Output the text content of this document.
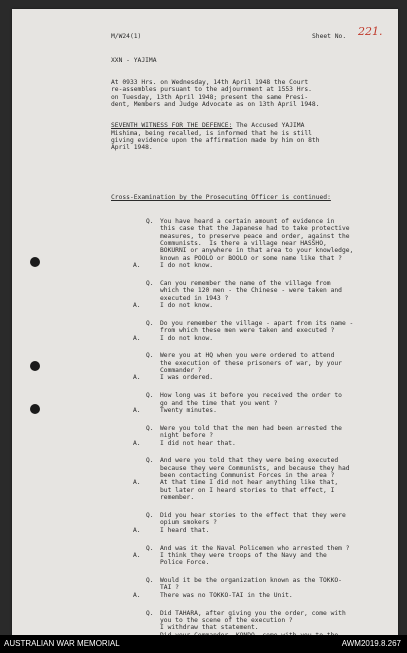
M/W24(1)	Sheet No. 221.
XXN - YAJIMA
At 0933 Hrs. on Wednesday, 14th April 1948 the Court
re-assembles pursuant to the adjournment at 1553 Hrs.
on Tuesday, 13th April 1948; present the same Presi-
dent, Members and Judge Advocate as on 13th April 1948.
SEVENTH WITNESS FOR THE DEFENCE: The Accused YAJIMA
Mishima, being recalled, is informed that he is still
giving evidence upon the affirmation made by him on 8th
April 1948.
Cross-Examination by the Prosecuting Officer is continued:
Q. You have heard a certain amount of evidence in
this case that the Japanese had to take protective
measures, to preserve peace and order, against the
Communists.  Is there a village near HASSHO,
BOKURNI or anywhere in that area to your knowledge,
known as POOLO or BOOLO or some name like that ?
A.	I do not know.
Q. Can you remember the name of the village from
which the 120 men - the Chinese - were taken and
executed in 1943 ?
A.	I do not know.
Q. Do you remember the village - apart from its name -
from which these men were taken and executed ?
A.	I do not know.
Q. Were you at HQ when you were ordered to attend
the execution of these prisoners of war, by your
Commander ?
A.	I was ordered.
Q. How long was it before you received the order to
go and the time that you went ?
A.	Twenty minutes.
Q. Were you told that the men had been arrested the
night before ?
A.	I did not hear that.
Q. And were you told that they were being executed
because they were Communists, and because they had
been contacting Communist Forces in the area ?
A.	At that time I did not hear anything like that,
but later on I heard stories to that effect, I
remember.
Q. Did you hear stories to the effect that they were
opium smokers ?
A.	I heard that.
Q. And was it the Naval Policemen who arrested them ?
A.	I think they were troops of the Navy and the
Police Force.
Q. Would it be the organization known as the TOKKO-
TAI ?
A.	There was no TOKKO-TAI in the Unit.
Q. Did TAHARA, after giving you the order, come with
you to the scene of the execution ?
I withdraw that statement.
AUSTRALIAN WAR MEMORIAL	AWM2019.8.267
